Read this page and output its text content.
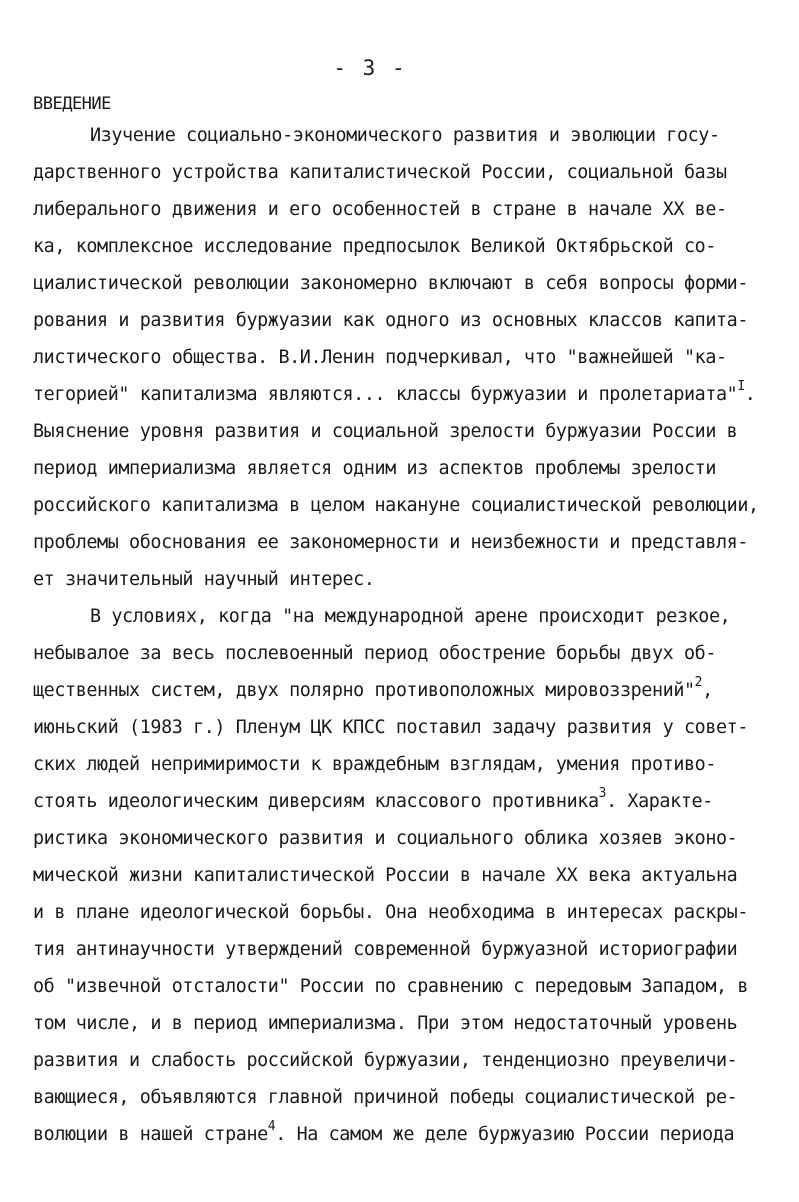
- 3 -
ВВЕДЕНИЕ
Изучение социально-экономического развития и эволюции госу-
дарственного устройства капиталистической России, социальной базы
либерального движения и его особенностей в стране в начале XX ве-
ка, комплексное исследование предпосылок Великой Октябрьской со-
циалистической революции закономерно включают в себя вопросы форми-
рования и развития буржуазии как одного из основных классов капита-
листического общества. В.И.Ленин подчеркивал, что "важнейшей "ка-
тегорией" капитализма являются... классы буржуазии и пролетариата"$^I$.
Выяснение уровня развития и социальной зрелости буржуазии России в
период империализма является одним из аспектов проблемы зрелости
российского капитализма в целом накануне социалистической революции,
проблемы обоснования ее закономерности и неизбежности и представля-
ет значительный научный интерес.
В условиях, когда "на международной арене происходит резкое,
небывалое за весь послевоенный период обострение борьбы двух об-
щественных систем, двух полярно противоположных мировоззрений"$^2$,
июньский (1983 г.) Пленум ЦК КПСС поставил задачу развития у совет-
ских людей непримиримости к враждебным взглядам, умения противо-
стоять идеологическим диверсиям классового противника$^3$. Характе-
ристика экономического развития и социального облика хозяев эконо-
мической жизни капиталистической России в начале XX века актуальна
и в плане идеологической борьбы. Она необходима в интересах раскры-
тия антинаучности утверждений современной буржуазной историографии
об "извечной отсталости" России по сравнению с передовым Западом, в
том числе, и в период империализма. При этом недостаточный уровень
развития и слабость российской буржуазии, тенденциозно преувеличи-
вающиеся, объявляются главной причиной победы социалистической ре-
волюции в нашей стране$^4$. На самом же деле буржуазию России периода
